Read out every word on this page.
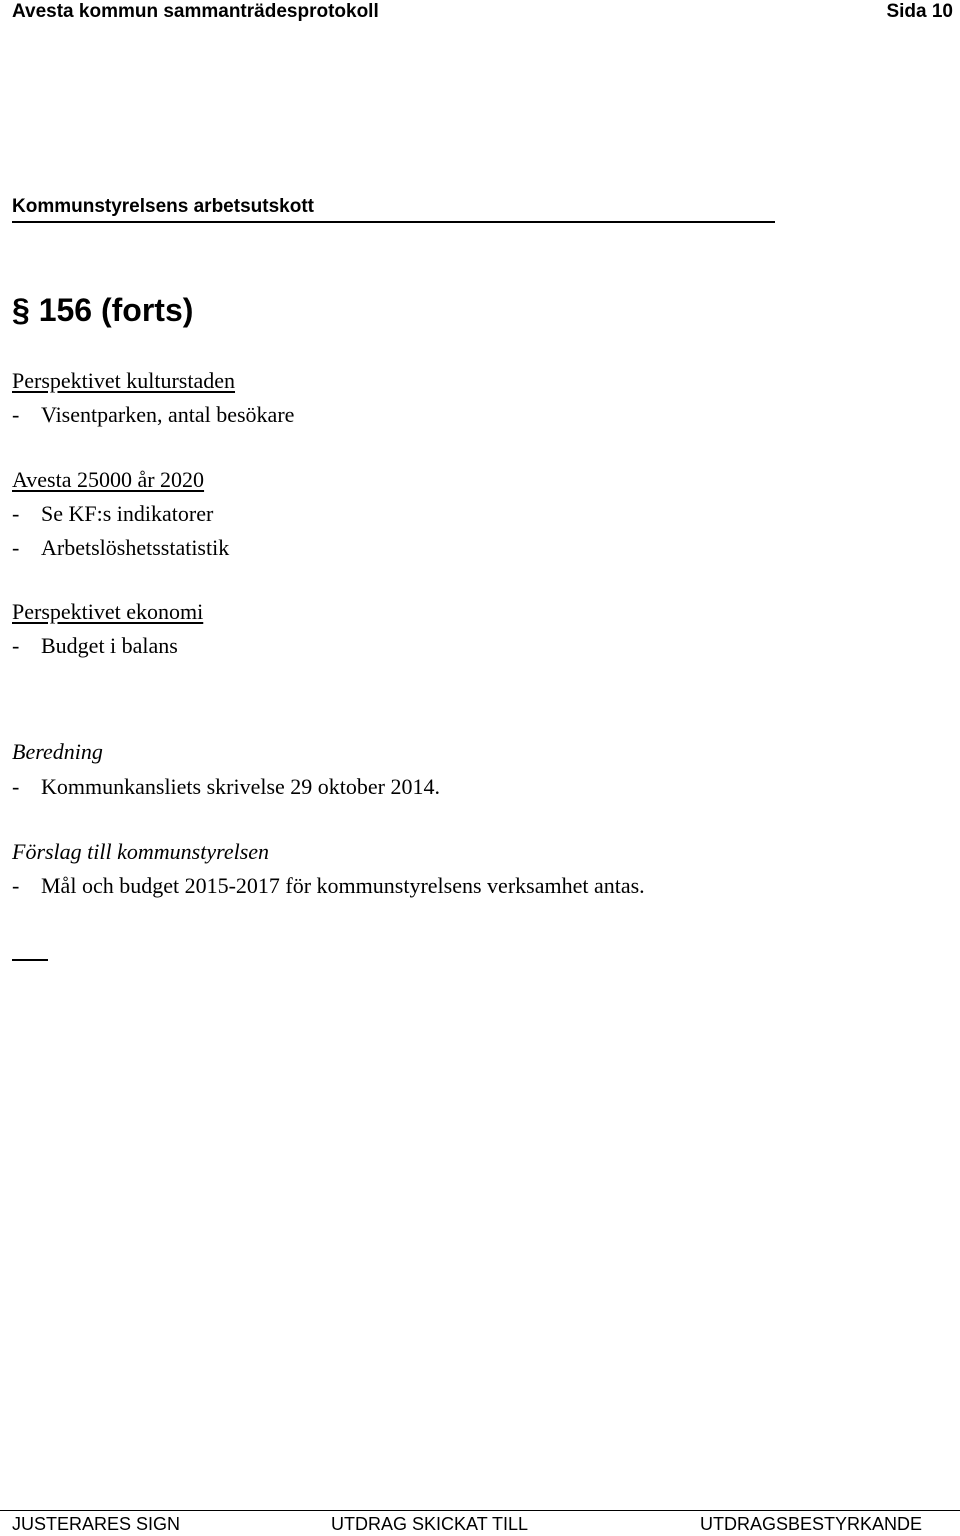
Avesta kommun sammanträdesprotokoll	Sida 10
Kommunstyrelsens arbetsutskott
§ 156 (forts)
Perspektivet kulturstaden
- Visentparken, antal besökare
Avesta 25000 år 2020
- Se KF:s indikatorer
- Arbetslöshetsstatistik
Perspektivet ekonomi
- Budget i balans
Beredning
- Kommunkansliets skrivelse 29 oktober 2014.
Förslag till kommunstyrelsen
- Mål och budget 2015-2017 för kommunstyrelsens verksamhet antas.
JUSTERARES SIGN	UTDRAG SKICKAT TILL	UTDRAGSBESTYRKANDE
